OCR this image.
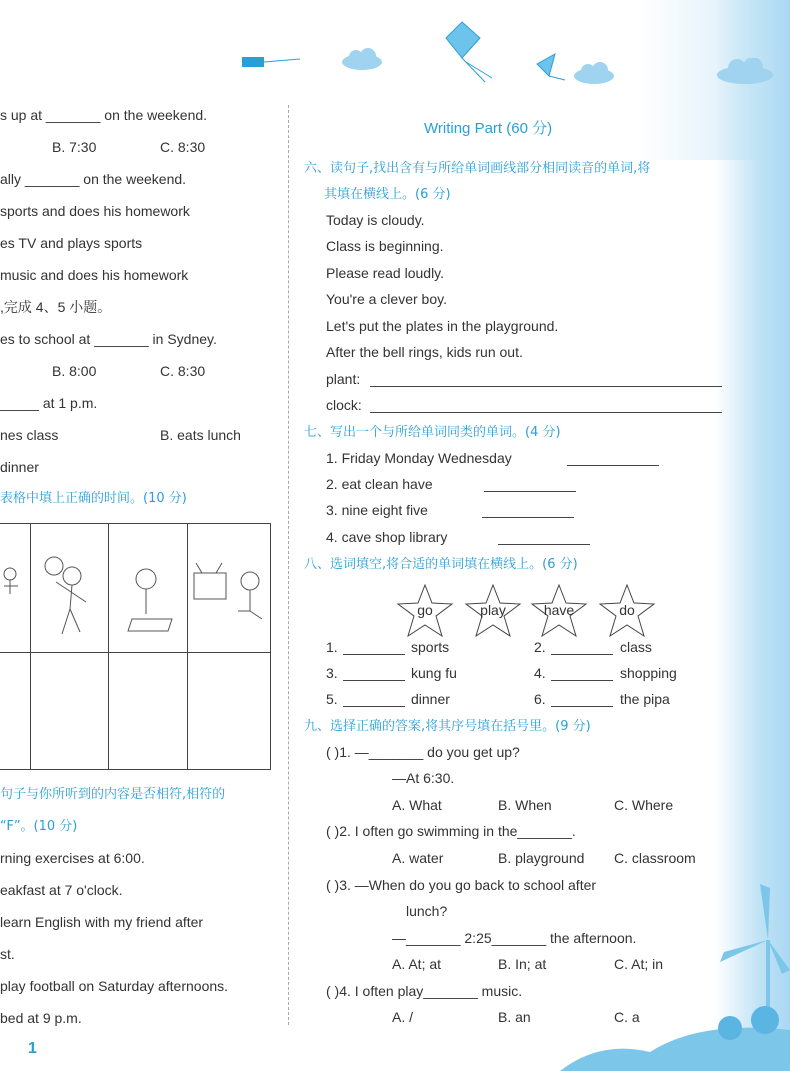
s up at _______ on the weekend.
B. 7:30	C. 8:30
ally _______ on the weekend.
sports and does his homework
es TV and plays sports
music and does his homework
,完成 4、5 小题。
es to school at _______ in Sydney.
B. 8:00	C. 8:30
_____ at 1 p.m.
nes class	B. eats lunch
dinner
表格中填上正确的时间。(10 分)
句子与你所听到的内容是否相符,相符的
“F”。(10 分)
rning exercises at 6:00.
eakfast at 7 o'clock.
learn English with my friend after
st.
play football on Saturday afternoons.
bed at 9 p.m.
1
Writing Part (60 分)
六、读句子,找出含有与所给单词画线部分相同读音的单词,将
其填在横线上。(6 分)
Today is cloudy.
Class is beginning.
Please read loudly.
You're a clever boy.
Let's put the plates in the playground.
After the bell rings, kids run out.
plant:
clock:
七、写出一个与所给单词同类的单词。(4 分)
1. Friday Monday Wednesday
2. eat clean have
3. nine eight five
4. cave shop library
八、选词填空,将合适的单词填在横线上。(6 分)
go	play	have	do
1.	sports	2.	class
3.	kung fu	4.	shopping
5.	dinner	6.	the pipa
九、选择正确的答案,将其序号填在括号里。(9 分)
( )1. —_______ do you get up?
—At 6:30.
A. What	B. When	C. Where
( )2. I often go swimming in the_______.
A. water	B. playground C. classroom
( )3. —When do you go back to school after
lunch?
—_______ 2:25_______ the afternoon.
A. At; at	B. In; at	C. At; in
( )4. I often play_______ music.
A. /	B. an	C. a
